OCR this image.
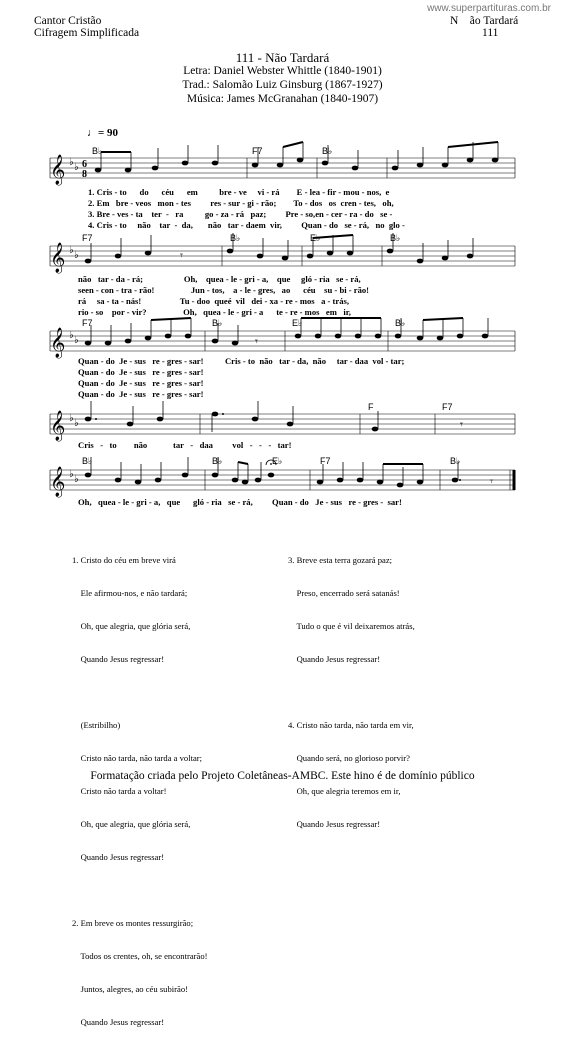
Cantor Cristão
Cifragem Simplificada
www.superpartituras.com.br
N    ão Tardará
111
111 - Não Tardará
Letra: Daniel Webster Whittle (1840-1901)
Trad.: Salomão Luiz Ginsburg (1867-1927)
Música: James McGranahan (1840-1907)
♩= 90
B♭	F7	B♭
𝄞 ♭ ♭ 6
8
1. Cris - to      do      céu      em          bre - ve     vi - rá        E - lea - fir - mou - nos,  e
2. Em   bre - veos   mon - tes         res - sur - gi - rão;        To - dos   os  cren - tes,   oh,
3. Bre - ves - ta    ter  -   ra          go - za - rá   paz;         Pre - so,en - cer - ra - do   se -
4. Cris - to     não    tar  -  da,       não   tar - daem  vir,         Quan - do   se - rá,   no  glo -
F7	B♭	E♭	B♭
𝄞 ♭ ♭	𝄾
não   tar - da - rá;                   Oh,    quea - le - gri - a,    que     gló - ria   se - rá,
seen - con - tra - rão!                 Jun - tos,    a - le - gres,   ao      céu    su - bi - rão!
rá     sa - ta - nás!                  Tu - doo  queé  vil   dei - xa - re - mos   a - trás,
rio - so    por - vir?                 Oh,   quea - le - gri - a      te - re - mos   em   ir,
F7	B♭	E♭	B♭
𝄞 ♭ ♭	𝄾
Quan - do  Je - sus   re - gres - sar!          Cris - to  não   tar - da,  não     tar - daa  vol - tar;
Quan - do  Je - sus   re - gres - sar!
Quan - do  Je - sus   re - gres - sar!
Quan - do  Je - sus   re - gres - sar!
F	F7
𝄞 ♭ ♭	𝄾
Cris   -   to        não            tar   -   daa         vol   -   -   -   tar!
B♭	B♭	E♭	F7	B♭
𝄞 ♭ ♭	𝄾
Oh,   quea - le - gri - a,   que      gló - ria   se - rá,         Quan - do   Je - sus   re - gres -  sar!

1. Cristo do céu em breve virá

Ele afirmou-nos, e não tardará;

Oh, que alegria, que glória será,

Quando Jesus regressar!

(Estribilho)

Cristo não tarda, não tarda a voltar;

Cristo não tarda a voltar!

Oh, que alegria, que glória será,

Quando Jesus regressar!

2. Em breve os montes ressurgirão;

Todos os crentes, oh, se encontrarão!

Juntos, alegres, ao céu subirão!

Quando Jesus regressar!

3. Breve esta terra gozará paz;

Preso, encerrado será satanás!

Tudo o que é vil deixaremos atrás,

Quando Jesus regressar!

4. Cristo não tarda, não tarda em vir,

Quando será, no glorioso porvir?

Oh, que alegria teremos em ir,

Quando Jesus regressar!

Formatação criada pelo Projeto Coletâneas-AMBC. Este hino é de domínio público
